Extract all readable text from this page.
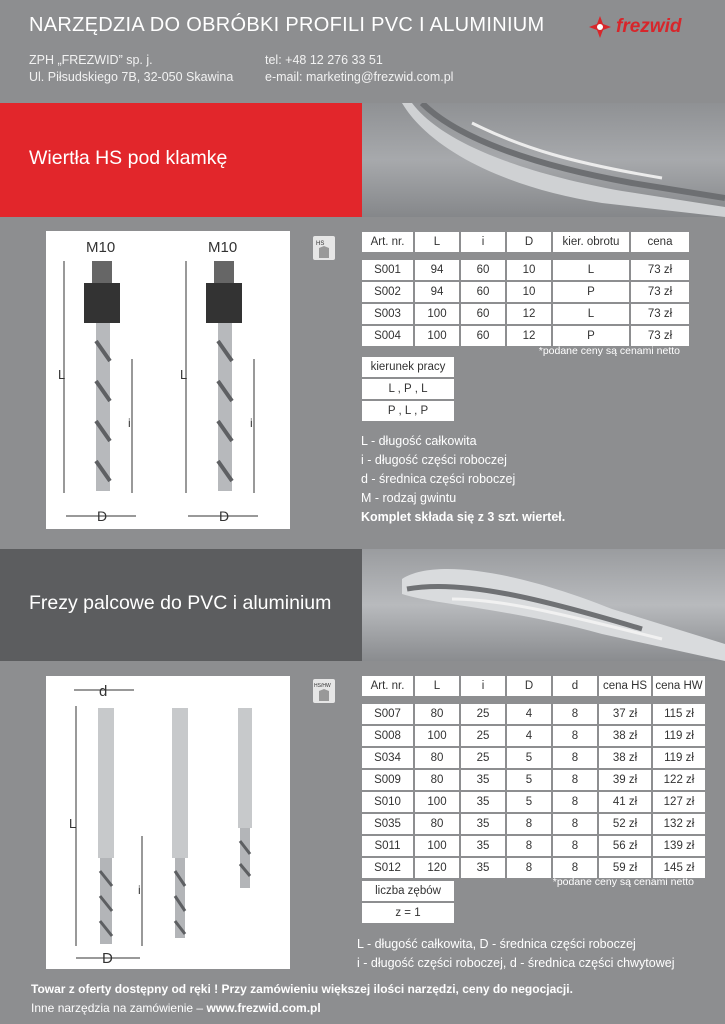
NARZĘDZIA DO OBRÓBKI PROFILI PVC I ALUMINIUM	frezwid
ZPH „FREZWID” sp. j.
Ul. Piłsudskiego 7B, 32-050 Skawina
tel: +48 12 276 33 51
e-mail: marketing@frezwid.com.pl
Wiertła HS pod klamkę
M10	M10
L	L
i	i
D	D
HS	Art. nr.	L	i	D	kier. obrotu	cena

S001	94	60	10	L	73 zł
S002	94	60	10	P	73 zł
S003	100	60	12	L	73 zł
S004	100	60	12	P	73 zł
*podane ceny są cenami netto
kierunek pracy
L , P , L
P , L , P
L - długość całkowita
i - długość części roboczej
d - średnica części roboczej
M - rodzaj gwintu
Komplet składa się z 3 szt. wierteł.
Frezy palcowe do PVC i aluminium
d
L
i
D
HS/HW	Art. nr.	L	i	D	d	cena HS	cena HW

S007	80	25	4	8	37 zł	115 zł
S008	100	25	4	8	38 zł	119 zł
S034	80	25	5	8	38 zł	119 zł
S009	80	35	5	8	39 zł	122 zł
S010	100	35	5	8	41 zł	127 zł
S035	80	35	8	8	52 zł	132 zł
S011	100	35	8	8	56 zł	139 zł
S012	120	35	8	8	59 zł	145 zł
*podane ceny są cenami netto
liczba zębów
z = 1
L - długość całkowita, D - średnica części roboczej
i - długość części roboczej, d - średnica części chwytowej
Towar z oferty dostępny od ręki ! Przy zamówieniu większej ilości narzędzi, ceny do negocjacji.
Inne narzędzia na zamówienie – www.frezwid.com.pl
